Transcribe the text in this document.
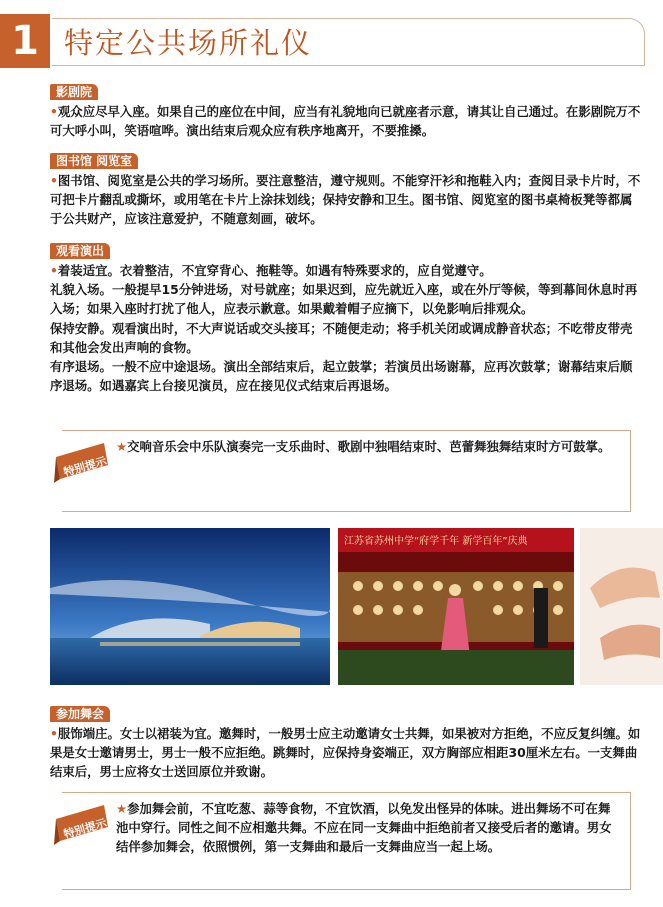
1 特定公共场所礼仪
影剧院

•观众应尽早入座。如果自己的座位在中间，应当有礼貌地向已就座者示意，请其让自己通过。在影剧院万不可大呼小叫，笑语喧哗。演出结束后观众应有秩序地离开，不要推搡。

图书馆 阅览室

•图书馆、阅览室是公共的学习场所。要注意整洁，遵守规则。不能穿汗衫和拖鞋入内；查阅目录卡片时，不可把卡片翻乱或撕坏，或用笔在卡片上涂抹划线；保持安静和卫生。图书馆、阅览室的图书桌椅板凳等都属于公共财产，应该注意爱护，不随意刻画，破坏。

观看演出

•着装适宜。衣着整洁，不宜穿背心、拖鞋等。如遇有特殊要求的，应自觉遵守。

礼貌入场。一般提早15分钟进场，对号就座；如果迟到，应先就近入座，或在外厅等候，等到幕间休息时再入场；如果入座时打扰了他人，应表示歉意。如果戴着帽子应摘下，以免影响后排观众。

保持安静。观看演出时，不大声说话或交头接耳；不随便走动；将手机关闭或调成静音状态；不吃带皮带壳和其他会发出声响的食物。

有序退场。一般不应中途退场。演出全部结束后，起立鼓掌；若演员出场谢幕，应再次鼓掌；谢幕结束后顺序退场。如遇嘉宾上台接见演员，应在接见仪式结束后再退场。

特别提示
★交响音乐会中乐队演奏完一支乐曲时、歌剧中独唱结束时、芭蕾舞独舞结束时方可鼓掌。
江苏省苏州中学“府学千年 新学百年”庆典
参加舞会

•服饰端庄。女士以裙装为宜。邀舞时，一般男士应主动邀请女士共舞，如果被对方拒绝，不应反复纠缠。如果是女士邀请男士，男士一般不应拒绝。跳舞时，应保持身姿端正，双方胸部应相距30厘米左右。一支舞曲结束后，男士应将女士送回原位并致谢。

特别提示
★参加舞会前，不宜吃葱、蒜等食物，不宜饮酒，以免发出怪异的体味。进出舞场不可在舞池中穿行。同性之间不应相邀共舞。不应在同一支舞曲中拒绝前者又接受后者的邀请。男女结伴参加舞会，依照惯例，第一支舞曲和最后一支舞曲应当一起上场。
